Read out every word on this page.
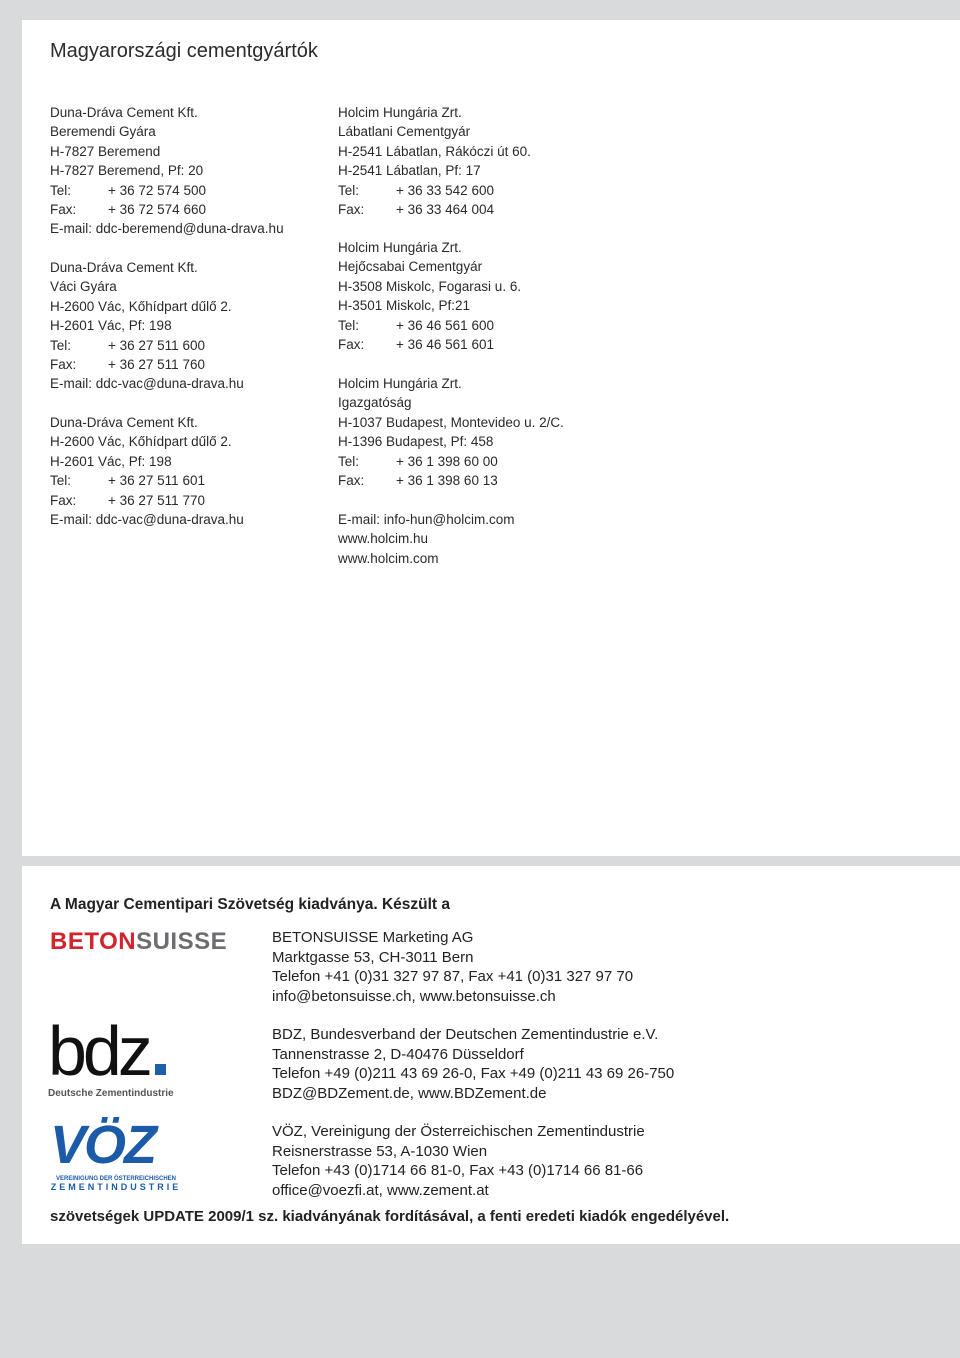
Magyarországi cementgyártók
Duna-Dráva Cement Kft.
Beremendi Gyára
H-7827 Beremend
H-7827 Beremend, Pf: 20
Tel:	+ 36 72 574 500
Fax: + 36 72 574 660
E-mail: ddc-beremend@duna-drava.hu
Duna-Dráva Cement Kft.
Váci Gyára
H-2600 Vác, Kőhídpart dűlő 2.
H-2601 Vác, Pf: 198
Tel:	+ 36 27 511 600
Fax: + 36 27 511 760
E-mail: ddc-vac@duna-drava.hu
Duna-Dráva Cement Kft.
H-2600 Vác, Kőhídpart dűlő 2.
H-2601 Vác, Pf: 198
Tel:	+ 36 27 511 601
Fax: + 36 27 511 770
E-mail: ddc-vac@duna-drava.hu
Holcim Hungária Zrt.
Lábatlani Cementgyár
H-2541 Lábatlan, Rákóczi út 60.
H-2541 Lábatlan, Pf: 17
Tel:	+ 36 33 542 600
Fax: + 36 33 464 004
Holcim Hungária Zrt.
Hejőcsabai Cementgyár
H-3508 Miskolc, Fogarasi u. 6.
H-3501 Miskolc, Pf:21
Tel:	+ 36 46 561 600
Fax: + 36 46 561 601
Holcim Hungária Zrt.
Igazgatóság
H-1037 Budapest, Montevideo u. 2/C.
H-1396 Budapest, Pf: 458
Tel:	+ 36 1 398 60 00
Fax: + 36 1 398 60 13
E-mail: info-hun@holcim.com
www.holcim.hu
www.holcim.com
A Magyar Cementipari Szövetség kiadványa. Készült a
BETONSUISSE
bdz
Deutsche Zementindustrie
VÖZ
VEREINIGUNG DER ÖSTERREICHISCHEN
ZEMENTINDUSTRIE
BETONSUISSE Marketing AG
Marktgasse 53, CH-3011 Bern
Telefon +41 (0)31 327 97 87, Fax +41 (0)31 327 97 70
info@betonsuisse.ch, www.betonsuisse.ch
BDZ, Bundesverband der Deutschen Zementindustrie e.V.
Tannenstrasse 2, D-40476 Düsseldorf
Telefon +49 (0)211 43 69 26-0, Fax +49 (0)211 43 69 26-750
BDZ@BDZement.de, www.BDZement.de
VÖZ, Vereinigung der Österreichischen Zementindustrie
Reisnerstrasse 53, A-1030 Wien
Telefon +43 (0)1714 66 81-0, Fax +43 (0)1714 66 81-66
office@voezfi.at, www.zement.at
szövetségek UPDATE 2009/1 sz. kiadványának fordításával, a fenti eredeti kiadók engedélyével.
